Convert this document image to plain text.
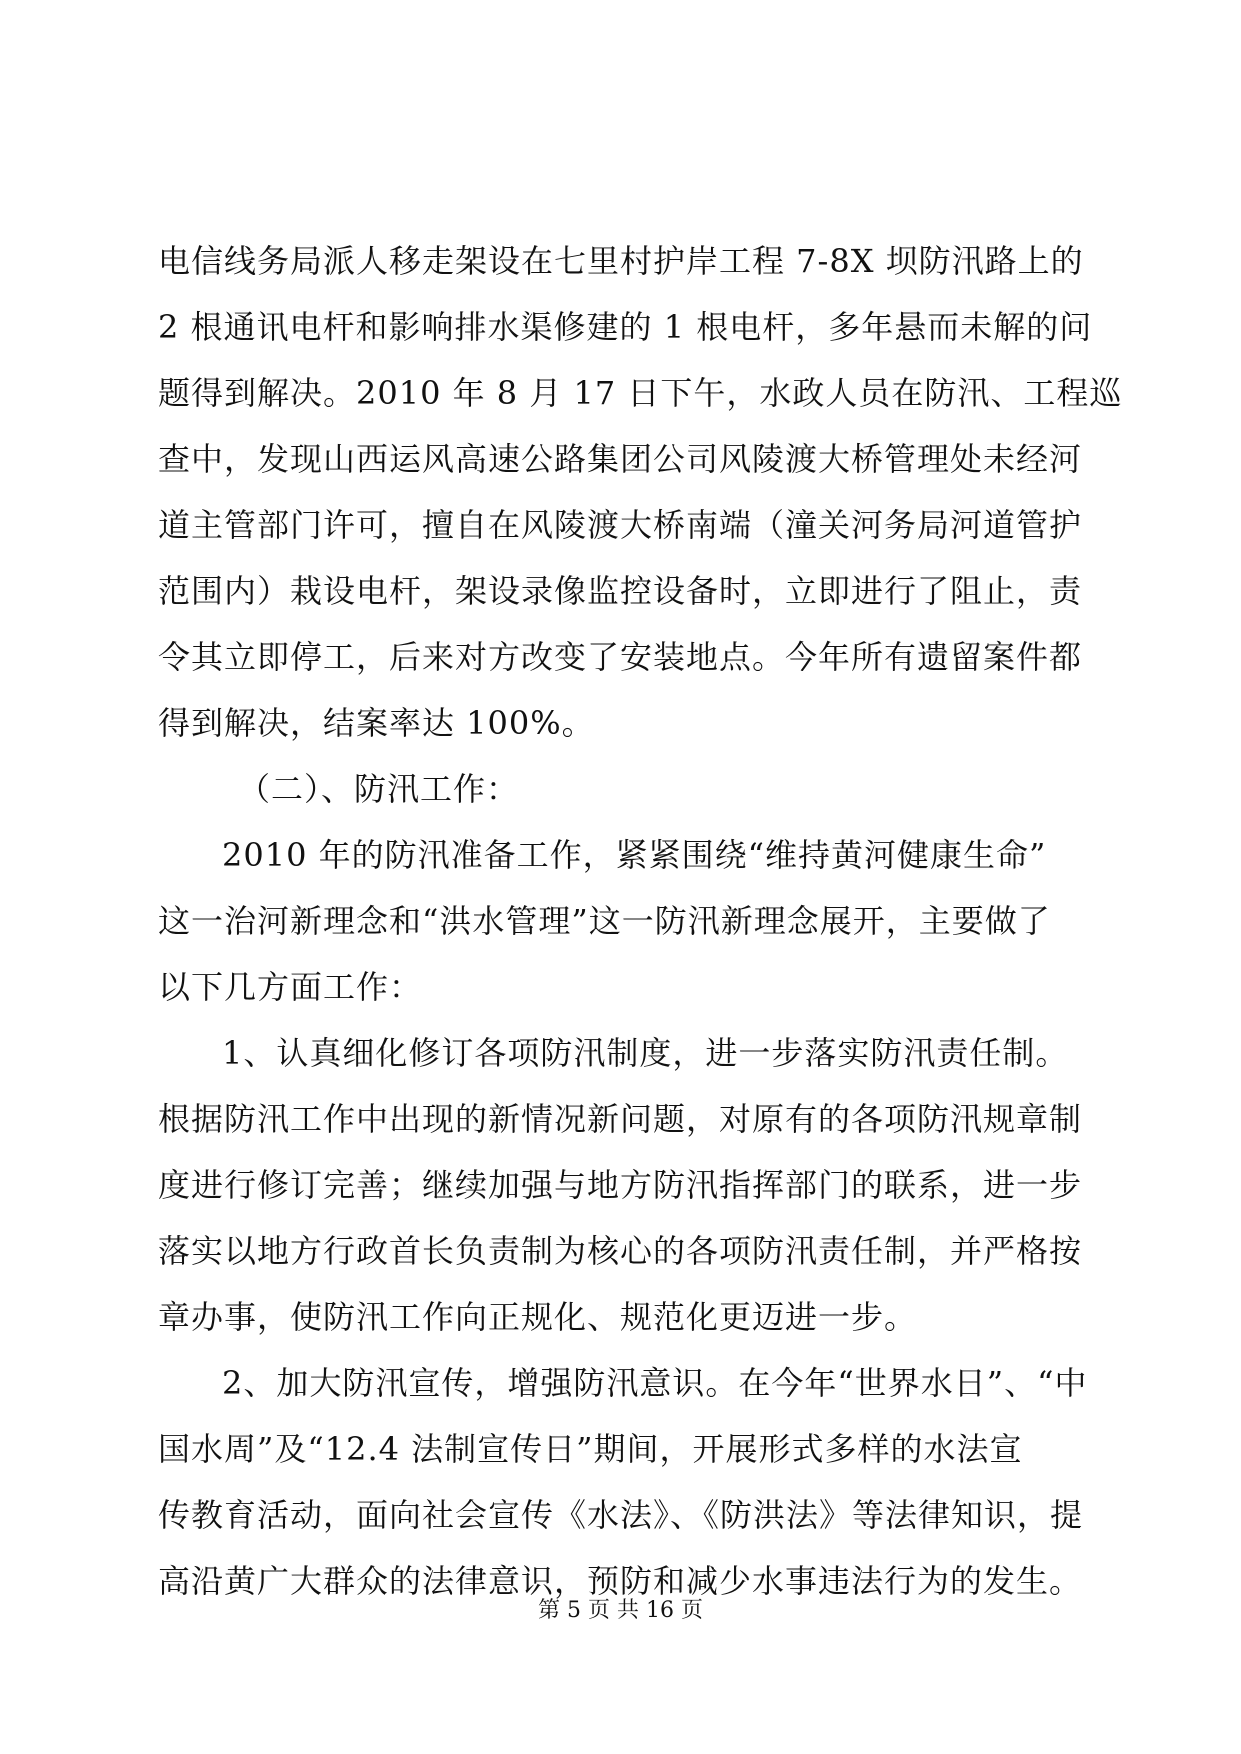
电信线务局派人移走架设在七里村护岸工程 7-8X 坝防汛路上的
2 根通讯电杆和影响排水渠修建的 1 根电杆，多年悬而未解的问
题得到解决。2010 年 8 月 17 日下午，水政人员在防汛、工程巡
查中，发现山西运风高速公路集团公司风陵渡大桥管理处未经河
道主管部门许可，擅自在风陵渡大桥南端（潼关河务局河道管护
范围内）栽设电杆，架设录像监控设备时，立即进行了阻止，责
令其立即停工，后来对方改变了安装地点。今年所有遗留案件都
得到解决，结案率达 100%。
（二）、防汛工作：
2010 年的防汛准备工作，紧紧围绕“维持黄河健康生命”
这一治河新理念和“洪水管理”这一防汛新理念展开，主要做了
以下几方面工作：
1、认真细化修订各项防汛制度，进一步落实防汛责任制。
根据防汛工作中出现的新情况新问题，对原有的各项防汛规章制
度进行修订完善；继续加强与地方防汛指挥部门的联系，进一步
落实以地方行政首长负责制为核心的各项防汛责任制，并严格按
章办事，使防汛工作向正规化、规范化更迈进一步。
2、加大防汛宣传，增强防汛意识。在今年“世界水日”、“中
国水周”及“12.4 法制宣传日”期间，开展形式多样的水法宣
传教育活动，面向社会宣传《水法》、《防洪法》等法律知识，提
高沿黄广大群众的法律意识，预防和减少水事违法行为的发生。
第 5 页 共 16 页
